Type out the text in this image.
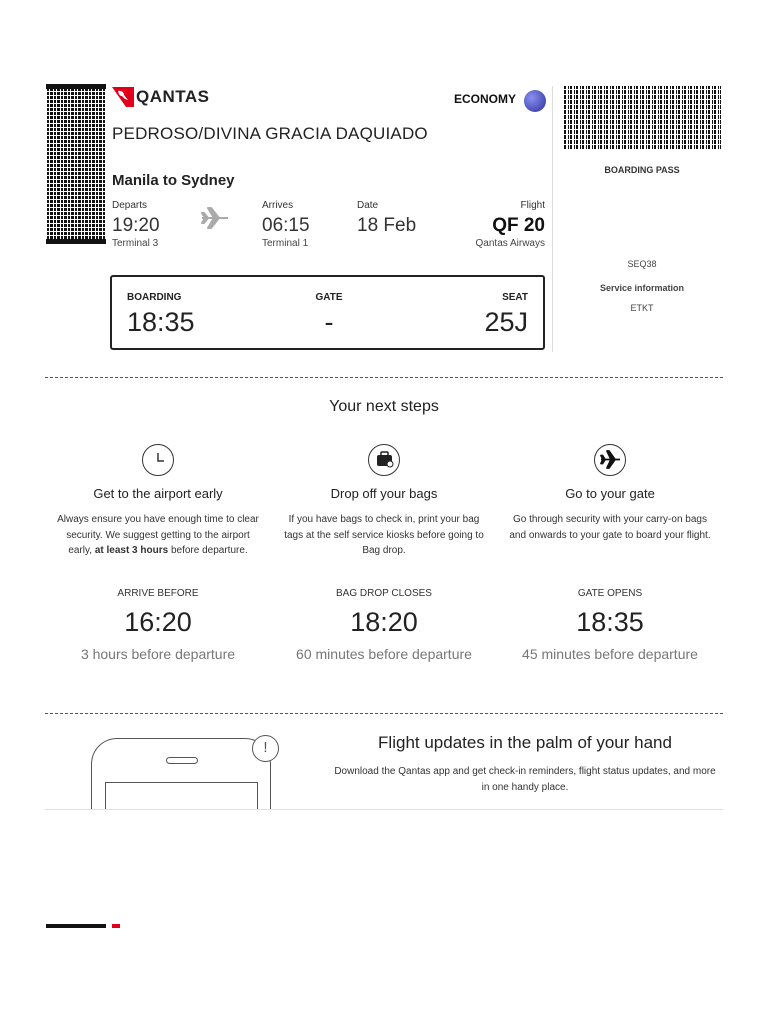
QANTAS	ECONOMY
PEDROSO/DIVINA GRACIA DAQUIADO
Manila to Sydney
Departs
19:20
Terminal 3
Arrives
06:15
Terminal 1
Date
18 Feb
Flight
QF 20
Qantas Airways
BOARDING
18:35
GATE
-
SEAT
25J
BOARDING PASS
SEQ38
Service information
ETKT
Your next steps
Get to the airport early
Always ensure you have enough time to clear security. We suggest getting to the airport early, at least 3 hours before departure.
ARRIVE BEFORE
16:20
3 hours before departure
Drop off your bags
If you have bags to check in, print your bag tags at the self service kiosks before going to Bag drop.
BAG DROP CLOSES
18:20
60 minutes before departure
Go to your gate
Go through security with your carry-on bags and onwards to your gate to board your flight.
GATE OPENS
18:35
45 minutes before departure
!	Flight updates in the palm of your hand
Download the Qantas app and get check-in reminders, flight status updates, and more in one handy place.
